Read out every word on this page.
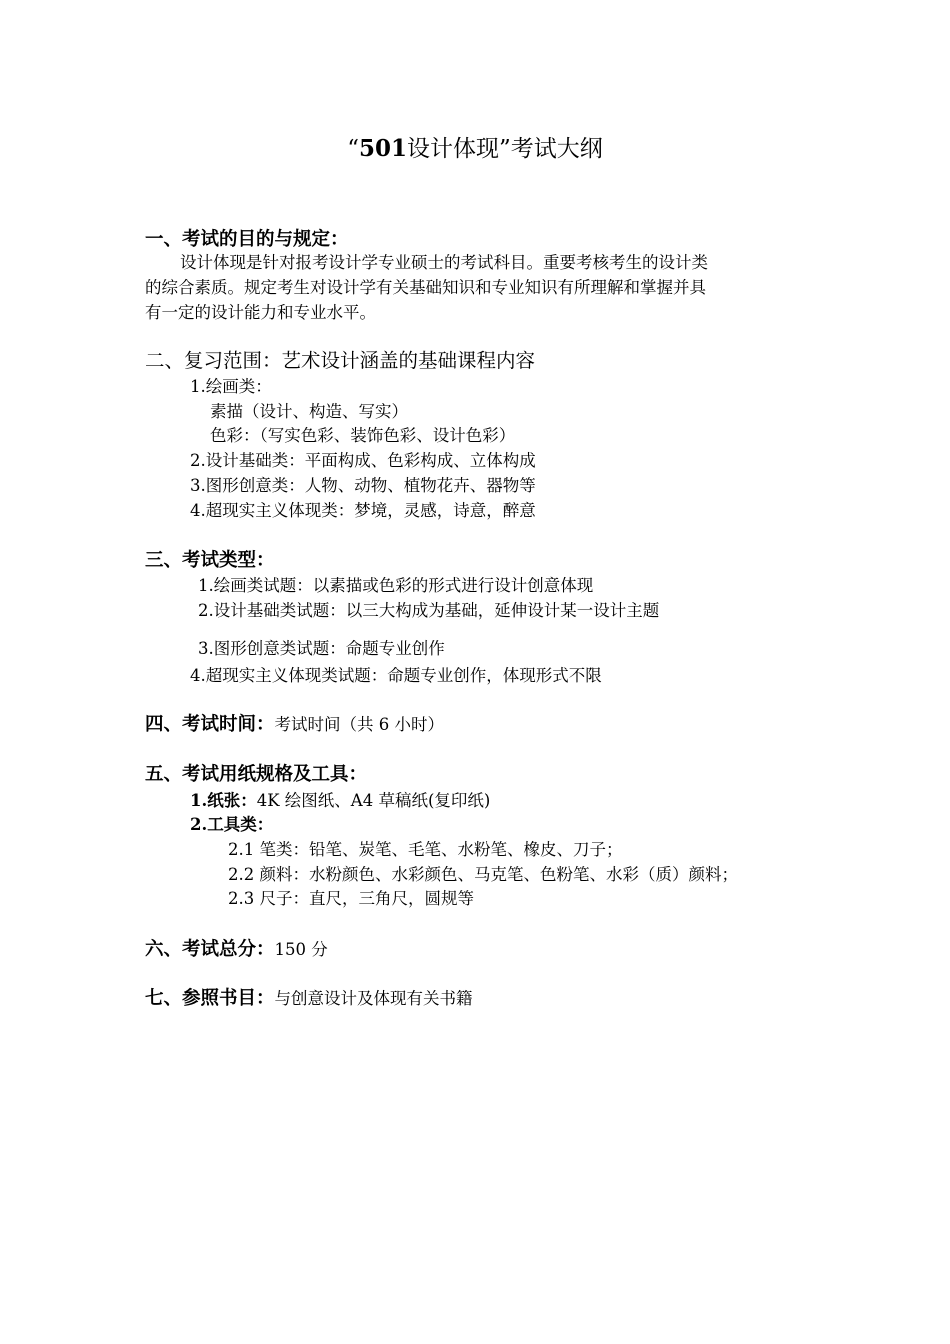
“501设计体现”考试大纲
一、考试的目的与规定：
设计体现是针对报考设计学专业硕士的考试科目。重要考核考生的设计类
的综合素质。规定考生对设计学有关基础知识和专业知识有所理解和掌握并具
有一定的设计能力和专业水平。
二、复习范围：艺术设计涵盖的基础课程内容
1.绘画类：
素描（设计、构造、写实）
色彩：（写实色彩、装饰色彩、设计色彩）
2.设计基础类：平面构成、色彩构成、立体构成
3.图形创意类：人物、动物、植物花卉、器物等
4.超现实主义体现类：梦境，灵感，诗意，醉意
三、考试类型：
1.绘画类试题：以素描或色彩的形式进行设计创意体现
2.设计基础类试题：以三大构成为基础，延伸设计某一设计主题
3.图形创意类试题：命题专业创作
4.超现实主义体现类试题：命题专业创作，体现形式不限
四、考试时间：考试时间（共 6 小时）
五、考试用纸规格及工具：
1.纸张：4K 绘图纸、A4 草稿纸(复印纸)
2.工具类：
2.1 笔类：铅笔、炭笔、毛笔、水粉笔、橡皮、刀子；
2.2 颜料：水粉颜色、水彩颜色、马克笔、色粉笔、水彩（质）颜料；
2.3 尺子：直尺，三角尺，圆规等
六、考试总分：150 分
七、参照书目：与创意设计及体现有关书籍
